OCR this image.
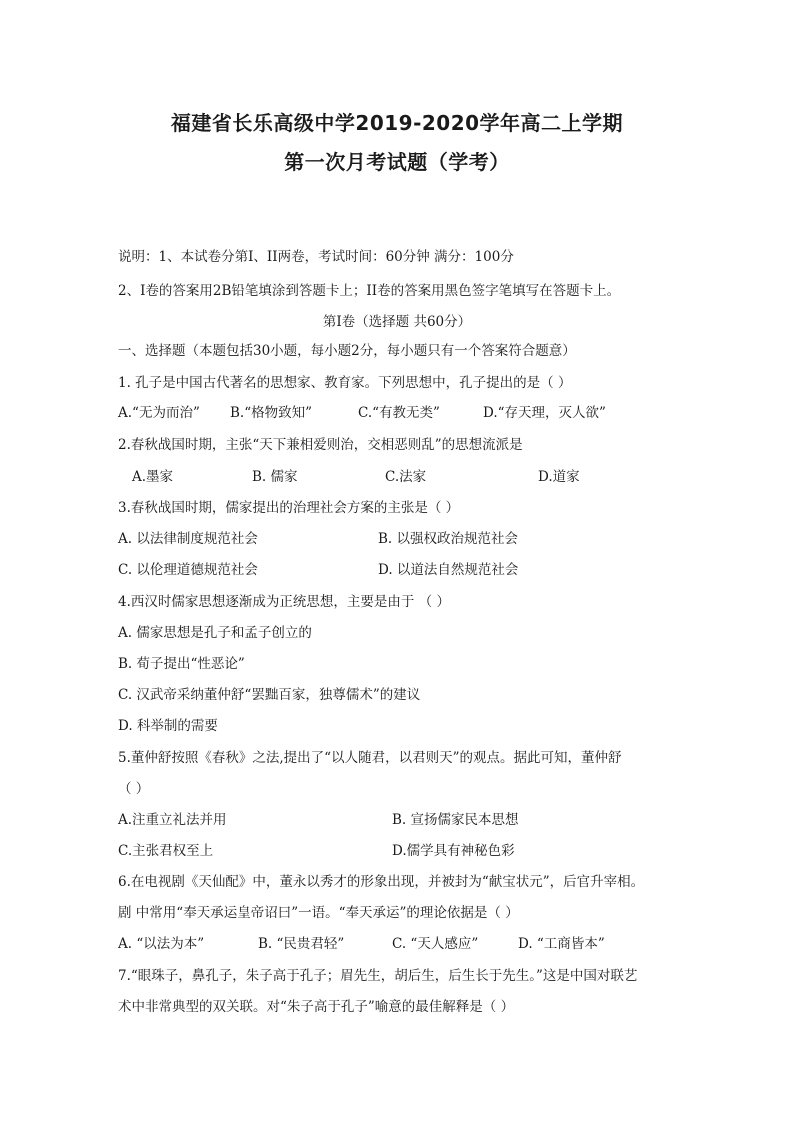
福建省长乐高级中学2019-2020学年高二上学期
第一次月考试题（学考）
说明：1、本试卷分第Ⅰ、II两卷，考试时间：60分钟 满分：100分
2、Ⅰ卷的答案用2B铅笔填涂到答题卡上；II卷的答案用黑色签字笔填写在答题卡上。
第Ⅰ卷（选择题 共60分）
一、选择题（本题包括30小题，每小题2分，每小题只有一个答案符合题意）
1. 孔子是中国古代著名的思想家、教育家。下列思想中，孔子提出的是（ ）
A.“无为而治” B.“格物致知”	C.“有教无类”	D.“存天理，灭人欲”
2.春秋战国时期，主张“天下兼相爱则治，交相恶则乱”的思想流派是
A.墨家	B. 儒家	C.法家	D.道家
3.春秋战国时期，儒家提出的治理社会方案的主张是（ ）
A. 以法律制度规范社会	B. 以强权政治规范社会
C. 以伦理道德规范社会	D. 以道法自然规范社会
4.西汉时儒家思想逐渐成为正统思想，主要是由于 （ ）
A. 儒家思想是孔子和孟子创立的
B. 荀子提出“性恶论”
C. 汉武帝采纳董仲舒“罢黜百家，独尊儒术”的建议
D. 科举制的需要
5.董仲舒按照《春秋》之法,提出了“以人随君，以君则天”的观点。据此可知，董仲舒
（ ）
A.注重立礼法并用	B. 宣扬儒家民本思想
C.主张君权至上	D.儒学具有神秘色彩
6.在电视剧《天仙配》中，董永以秀才的形象出现，并被封为“献宝状元”，后官升宰相。
剧 中常用“奉天承运皇帝诏曰”一语。“奉天承运”的理论依据是（ ）
A. “以法为本”	B. “民贵君轻”	C. “天人感应”	D. “工商皆本”
7.“眼珠子，鼻孔子，朱子高于孔子；眉先生，胡后生，后生长于先生。”这是中国对联艺
术中非常典型的双关联。对“朱子高于孔子”喻意的最佳解释是（ ）
